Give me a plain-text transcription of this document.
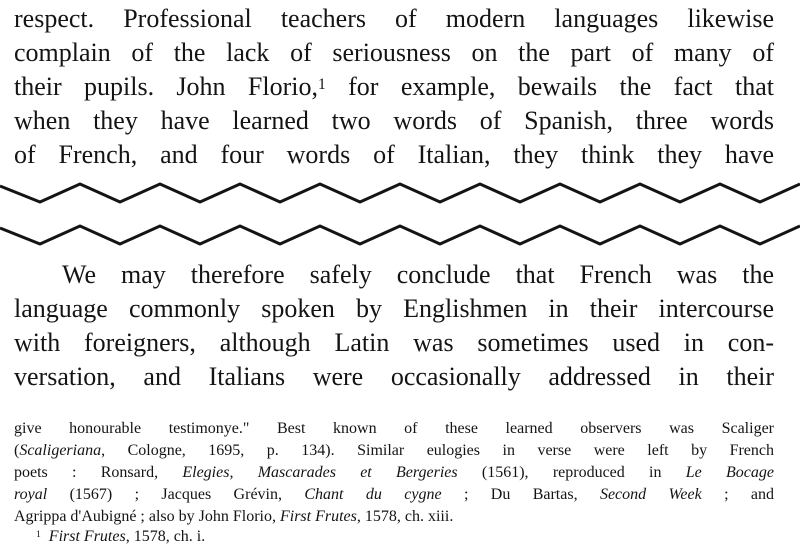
respect. Professional teachers of modern languages likewise
complain of the lack of seriousness on the part of many of
their pupils. John Florio,$^1$ for example, bewails the fact that
when they have learned two words of Spanish, three words
of French, and four words of Italian, they think they have
We may therefore safely conclude that French was the
language commonly spoken by Englishmen in their intercourse
with foreigners, although Latin was sometimes used in con-
versation, and Italians were occasionally addressed in their
give honourable testimonye." Best known of these learned observers was Scaliger
(Scaligeriana, Cologne, 1695, p. 134). Similar eulogies in verse were left by French
poets : Ronsard, Elegies, Mascarades et Bergeries (1561), reproduced in Le Bocage
royal (1567) ; Jacques Grévin, Chant du cygne ; Du Bartas, Second Week ; and
Agrippa d'Aubigné ; also by John Florio, First Frutes, 1578, ch. xiii.
$^1$ First Frutes, 1578, ch. i.
